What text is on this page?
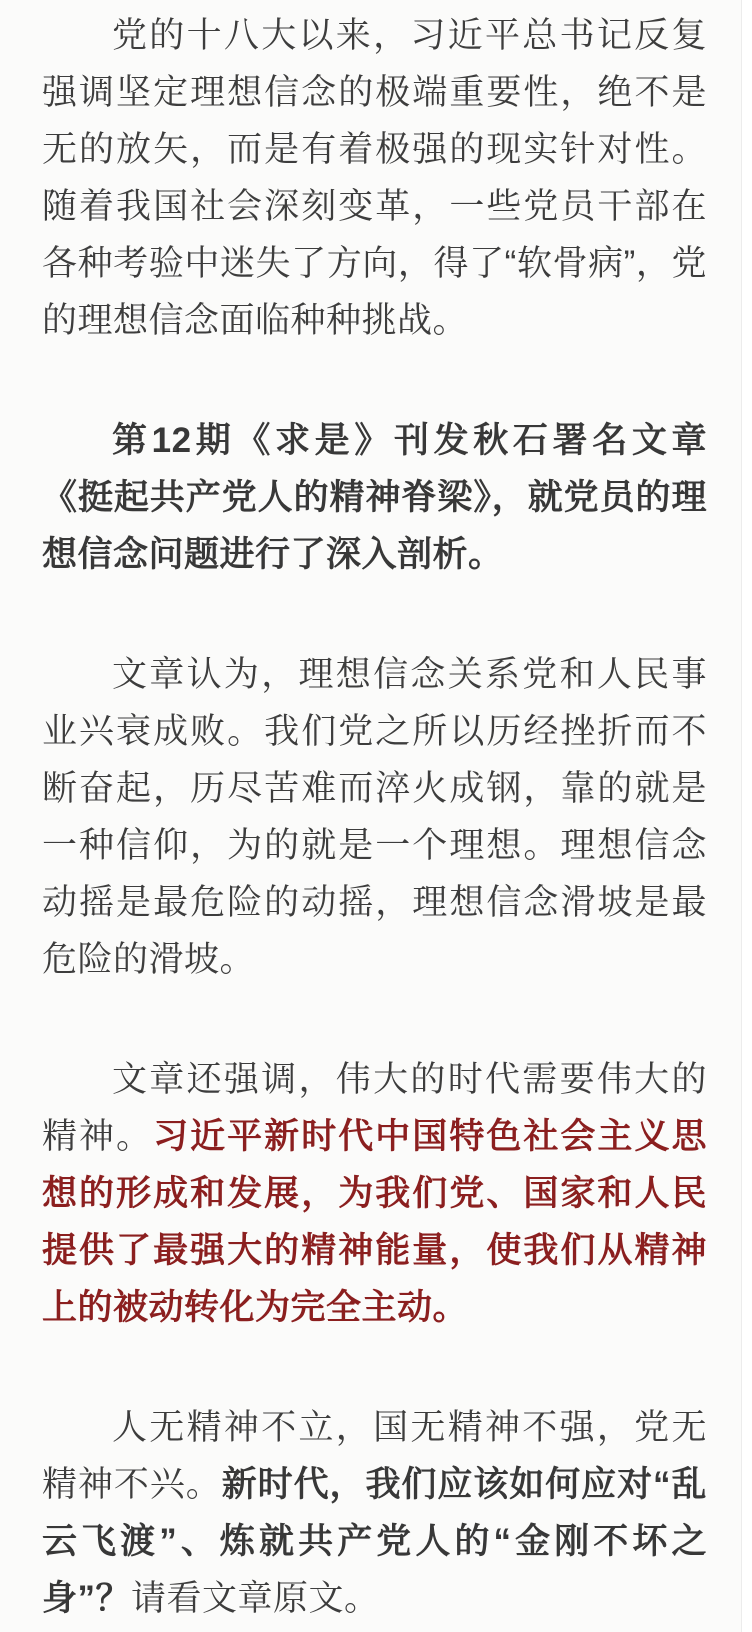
党的十八大以来，习近平总书记反复强调坚定理想信念的极端重要性，绝不是无的放矢，而是有着极强的现实针对性。随着我国社会深刻变革，一些党员干部在各种考验中迷失了方向，得了“软骨病”，党的理想信念面临种种挑战。

第12期《求是》刊发秋石署名文章《挺起共产党人的精神脊梁》，就党员的理想信念问题进行了深入剖析。

文章认为，理想信念关系党和人民事业兴衰成败。我们党之所以历经挫折而不断奋起，历尽苦难而淬火成钢，靠的就是一种信仰，为的就是一个理想。理想信念动摇是最危险的动摇，理想信念滑坡是最危险的滑坡。

文章还强调，伟大的时代需要伟大的精神。习近平新时代中国特色社会主义思想的形成和发展，为我们党、国家和人民提供了最强大的精神能量，使我们从精神上的被动转化为完全主动。

人无精神不立，国无精神不强，党无精神不兴。新时代，我们应该如何应对“乱云飞渡”、炼就共产党人的“金刚不坏之身”？请看文章原文。
